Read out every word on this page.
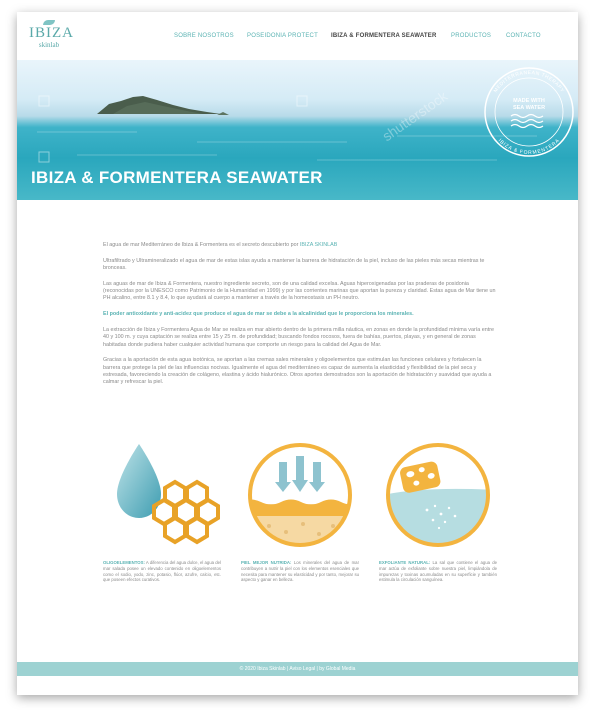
IBIZA
skinlab
SOBRE NOSOTROS POSEIDONIA PROTECT IBIZA & FORMENTERA SEAWATER PRODUCTOS CONTACTO
MEDITERRANEAN THERAPY
IBIZA & FORMENTERA
MADE WITH
SEA WATER
shutterstock
IBIZA & FORMENTERA SEAWATER

El agua de mar Mediterráneo de Ibiza & Formentera es el secreto descubierto por IBIZA SKINLAB

Ultrafiltrado y Ultramineralizado el agua de mar de estas islas ayuda a mantener la barrera de hidratación de la piel, incluso de las pieles más secas mientras te bronceas.

Las aguas de mar de Ibiza & Formentera, nuestro ingrediente secreto, son de una calidad excelsa. Aguas hiperoxigenadas por las praderas de posidonia (reconocidas por la UNESCO como Patrimonio de la Humanidad en 1999) y por las corrientes marinas que aportan la pureza y claridad. Estas agua de Mar tiene un PH alcalino, entre 8.1 y 8.4, lo que ayudará al cuerpo a mantener a través de la homeostasis un PH neutro.

El poder antioxidante y anti-acidez que produce el agua de mar se debe a la alcalinidad que le proporciona los minerales.

La extracción de Ibiza y Formentera Agua de Mar se realiza en mar abierto dentro de la primera milla náutica, en zonas en donde la profundidad mínima varía entre 40 y 100 m. y cuya captación se realiza entre 15 y 25 m. de profundidad; buscando fondos rocosos, fuera de bahías, puertos, playas, y en general de zonas habitadas donde pudiera haber cualquier actividad humana que comporte un riesgo para la calidad del Agua de Mar.

Gracias a la aportación de esta agua isotónica, se aportan a las cremas sales minerales y oligoelementos que estimulan las funciones celulares y fortalecen la barrera que protege la piel de las influencias nocivas. Igualmente el agua del mediterráneo es capaz de aumenta la elasticidad y flexibilidad de la piel seca y estresada, favoreciendo la creación de colágeno, elastina y ácido hialurónico. Otros aportes demostrados son la aportación de hidratación y suavidad que ayuda a calmar y refrescar la piel.

OLIGOELEMENTOS: A diferencia del agua dulce, el agua del mar salada posee un elevado contenido en oligoelementos como el sodio, yodo, zinc, potasio, flúor, azufre, calcio, etc. que poseen efectos curativos.
PIEL MEJOR NUTRIDA: Los minerales del agua de mar contribuyen a nutrir la piel con los elementos esenciales que necesita para mantener su elasticidad y por tanto, mejorar su aspecto y ganar en belleza.
EXFOLIANTE NATURAL: La sal que contiene el agua de mar actúa de exfoliante sobre nuestra piel, limpiándola de impurezas y toxinas acumuladas en su superficie y también estimula la circulación sanguínea.
© 2020 Ibiza Skinlab | Aviso Legal | by Global Media
